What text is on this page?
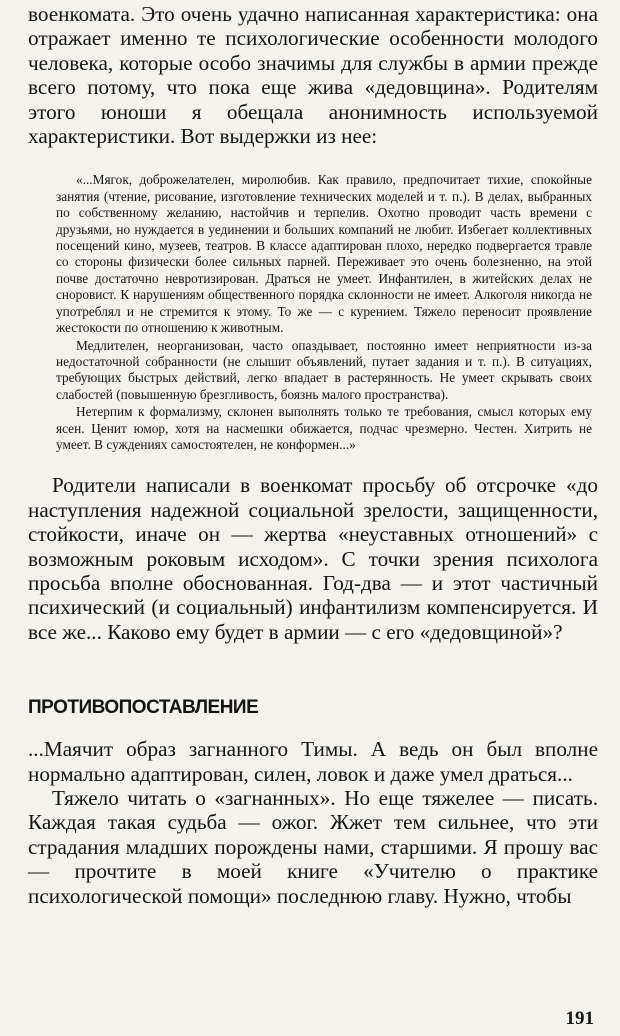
военкомата. Это очень удачно написанная характеристика: она отражает именно те психологические особенности молодого человека, которые особо значимы для службы в армии прежде всего потому, что пока еще жива «дедовщина». Родителям этого юноши я обещала анонимность используемой характеристики. Вот выдержки из нее:

«...Мягок, доброжелателен, миролюбив. Как правило, предпочитает тихие, спокойные занятия (чтение, рисование, изготовление технических моделей и т. п.). В делах, выбранных по собственному желанию, настойчив и терпелив. Охотно проводит часть времени с друзьями, но нуждается в уединении и больших компаний не любит. Избегает коллективных посещений кино, музеев, театров. В классе адаптирован плохо, нередко подвергается травле со стороны физически более сильных парней. Переживает это очень болезненно, на этой почве достаточно невротизирован. Драться не умеет. Инфантилен, в житейских делах не сноровист. К нарушениям общественного порядка склонности не имеет. Алкоголя никогда не употреблял и не стремится к этому. То же — с курением. Тяжело переносит проявление жестокости по отношению к животным.

Медлителен, неорганизован, часто опаздывает, постоянно имеет неприятности из-за недостаточной собранности (не слышит объявлений, путает задания и т. п.). В ситуациях, требующих быстрых действий, легко впадает в растерянность. Не умеет скрывать своих слабостей (повышенную брезгливость, боязнь малого пространства).

Нетерпим к формализму, склонен выполнять только те требования, смысл которых ему ясен. Ценит юмор, хотя на насмешки обижается, подчас чрезмерно. Честен. Хитрить не умеет. В суждениях самостоятелен, не конформен...»

Родители написали в военкомат просьбу об отсрочке «до наступления надежной социальной зрелости, защищенности, стойкости, иначе он — жертва «неуставных отношений» с возможным роковым исходом». С точки зрения психолога просьба вполне обоснованная. Год-два — и этот частичный психический (и социальный) инфантилизм компенсируется. И все же... Каково ему будет в армии — с его «дедовщиной»?

ПРОТИВОПОСТАВЛЕНИЕ

...Маячит образ загнанного Тимы. А ведь он был вполне нормально адаптирован, силен, ловок и даже умел драться...

Тяжело читать о «загнанных». Но еще тяжелее — писать. Каждая такая судьба — ожог. Жжет тем сильнее, что эти страдания младших порождены нами, старшими. Я прошу вас — прочтите в моей книге «Учителю о практике психологической помощи» последнюю главу. Нужно, чтобы

191
